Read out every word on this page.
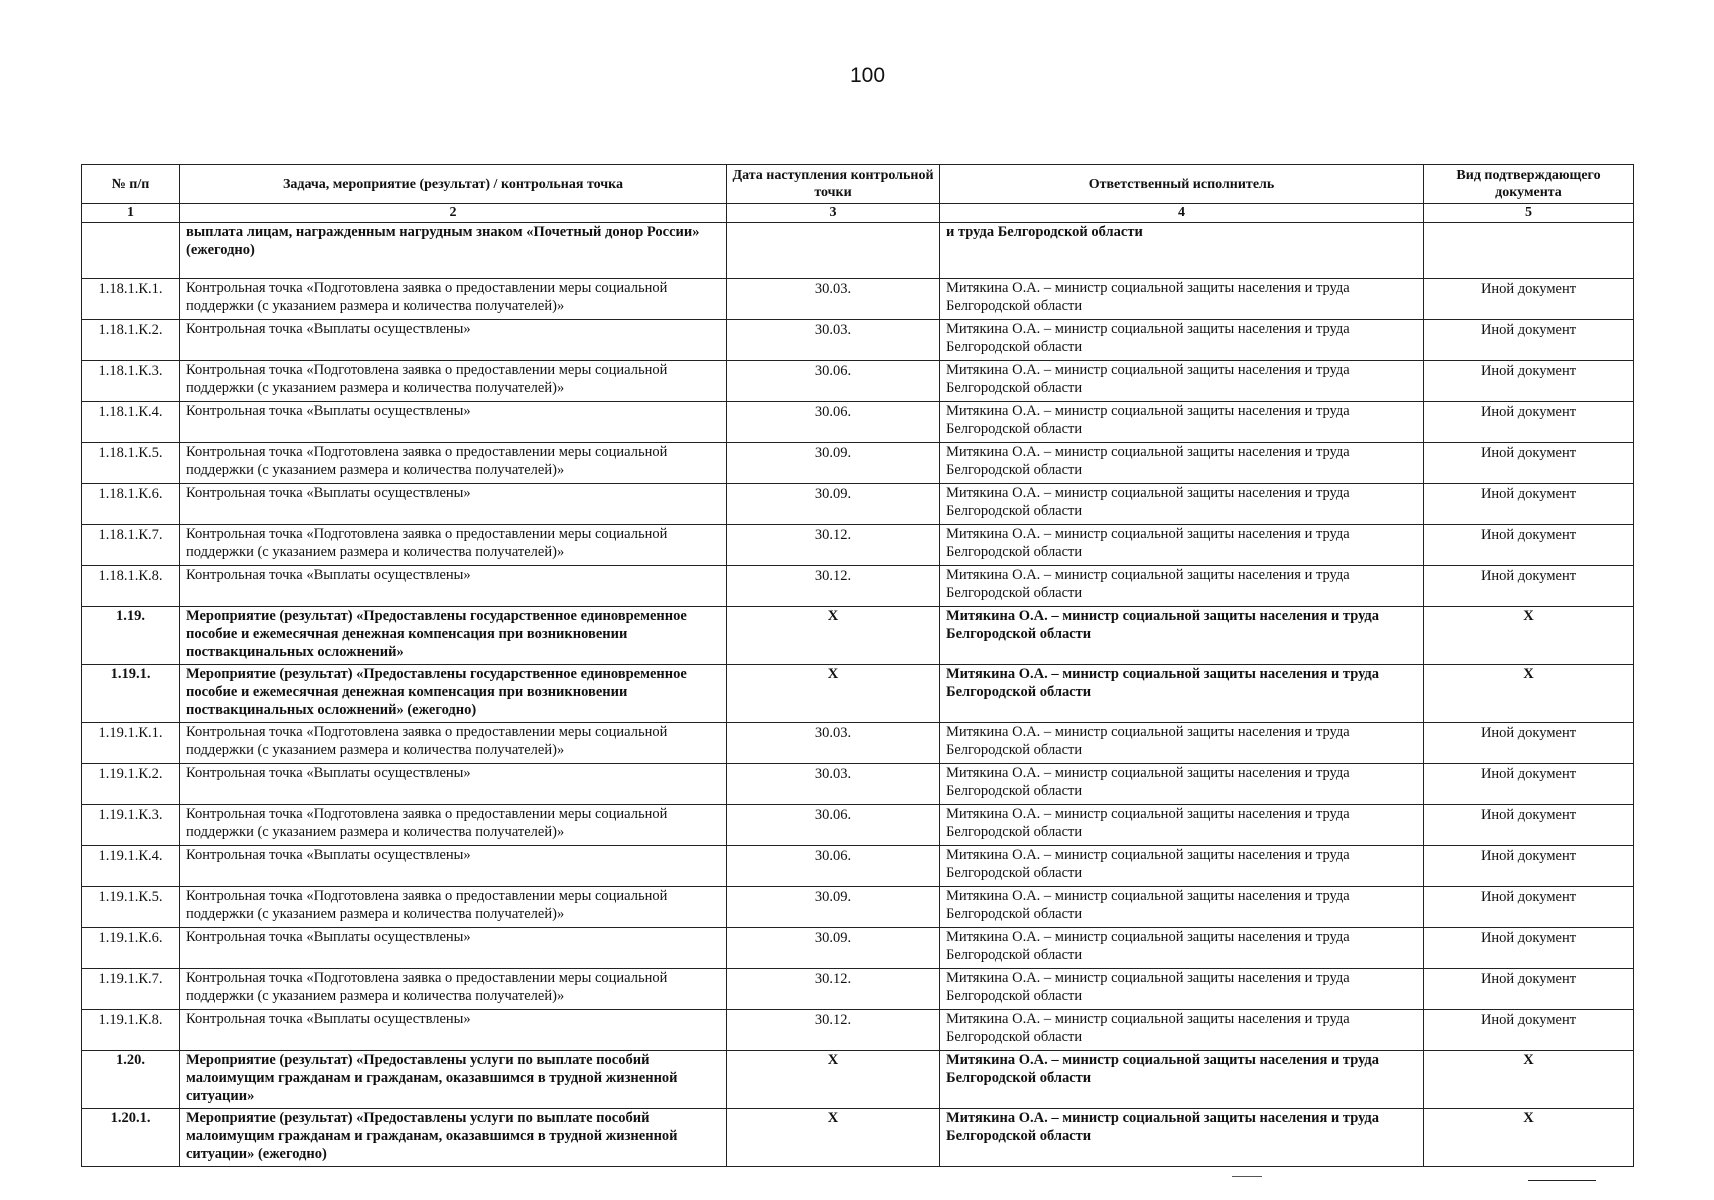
100
№ п/п	Задача, мероприятие (результат) / контрольная точка	Дата наступления контрольной точки	Ответственный исполнитель	Вид подтверждающего документа
1	2	3	4	5
	выплата лицам, награжденным нагрудным знаком «Почетный донор России» (ежегодно)		и труда Белгородской области	
1.18.1.К.1.	Контрольная точка «Подготовлена заявка о предоставлении меры социальной поддержки (с указанием размера и количества получателей)»	30.03.	Митякина О.А. – министр социальной защиты населения и труда Белгородской области	Иной документ
1.18.1.К.2.	Контрольная точка «Выплаты осуществлены»	30.03.	Митякина О.А. – министр социальной защиты населения и труда Белгородской области	Иной документ
1.18.1.К.3.	Контрольная точка «Подготовлена заявка о предоставлении меры социальной поддержки (с указанием размера и количества получателей)»	30.06.	Митякина О.А. – министр социальной защиты населения и труда Белгородской области	Иной документ
1.18.1.К.4.	Контрольная точка «Выплаты осуществлены»	30.06.	Митякина О.А. – министр социальной защиты населения и труда Белгородской области	Иной документ
1.18.1.К.5.	Контрольная точка «Подготовлена заявка о предоставлении меры социальной поддержки (с указанием размера и количества получателей)»	30.09.	Митякина О.А. – министр социальной защиты населения и труда Белгородской области	Иной документ
1.18.1.К.6.	Контрольная точка «Выплаты осуществлены»	30.09.	Митякина О.А. – министр социальной защиты населения и труда Белгородской области	Иной документ
1.18.1.К.7.	Контрольная точка «Подготовлена заявка о предоставлении меры социальной поддержки (с указанием размера и количества получателей)»	30.12.	Митякина О.А. – министр социальной защиты населения и труда Белгородской области	Иной документ
1.18.1.К.8.	Контрольная точка «Выплаты осуществлены»	30.12.	Митякина О.А. – министр социальной защиты населения и труда Белгородской области	Иной документ
1.19.	Мероприятие (результат) «Предоставлены государственное единовременное пособие и ежемесячная денежная компенсация при возникновении поствакцинальных осложнений»	X	Митякина О.А. – министр социальной защиты населения и труда Белгородской области	X
1.19.1.	Мероприятие (результат) «Предоставлены государственное единовременное пособие и ежемесячная денежная компенсация при возникновении поствакцинальных осложнений» (ежегодно)	X	Митякина О.А. – министр социальной защиты населения и труда Белгородской области	X
1.19.1.К.1.	Контрольная точка «Подготовлена заявка о предоставлении меры социальной поддержки (с указанием размера и количества получателей)»	30.03.	Митякина О.А. – министр социальной защиты населения и труда Белгородской области	Иной документ
1.19.1.К.2.	Контрольная точка «Выплаты осуществлены»	30.03.	Митякина О.А. – министр социальной защиты населения и труда Белгородской области	Иной документ
1.19.1.К.3.	Контрольная точка «Подготовлена заявка о предоставлении меры социальной поддержки (с указанием размера и количества получателей)»	30.06.	Митякина О.А. – министр социальной защиты населения и труда Белгородской области	Иной документ
1.19.1.К.4.	Контрольная точка «Выплаты осуществлены»	30.06.	Митякина О.А. – министр социальной защиты населения и труда Белгородской области	Иной документ
1.19.1.К.5.	Контрольная точка «Подготовлена заявка о предоставлении меры социальной поддержки (с указанием размера и количества получателей)»	30.09.	Митякина О.А. – министр социальной защиты населения и труда Белгородской области	Иной документ
1.19.1.К.6.	Контрольная точка «Выплаты осуществлены»	30.09.	Митякина О.А. – министр социальной защиты населения и труда Белгородской области	Иной документ
1.19.1.К.7.	Контрольная точка «Подготовлена заявка о предоставлении меры социальной поддержки (с указанием размера и количества получателей)»	30.12.	Митякина О.А. – министр социальной защиты населения и труда Белгородской области	Иной документ
1.19.1.К.8.	Контрольная точка «Выплаты осуществлены»	30.12.	Митякина О.А. – министр социальной защиты населения и труда Белгородской области	Иной документ
1.20.	Мероприятие (результат) «Предоставлены услуги по выплате пособий малоимущим гражданам и гражданам, оказавшимся в трудной жизненной ситуации»	X	Митякина О.А. – министр социальной защиты населения и труда Белгородской области	X
1.20.1.	Мероприятие (результат) «Предоставлены услуги по выплате пособий малоимущим гражданам и гражданам, оказавшимся в трудной жизненной ситуации» (ежегодно)	X	Митякина О.А. – министр социальной защиты населения и труда Белгородской области	X
